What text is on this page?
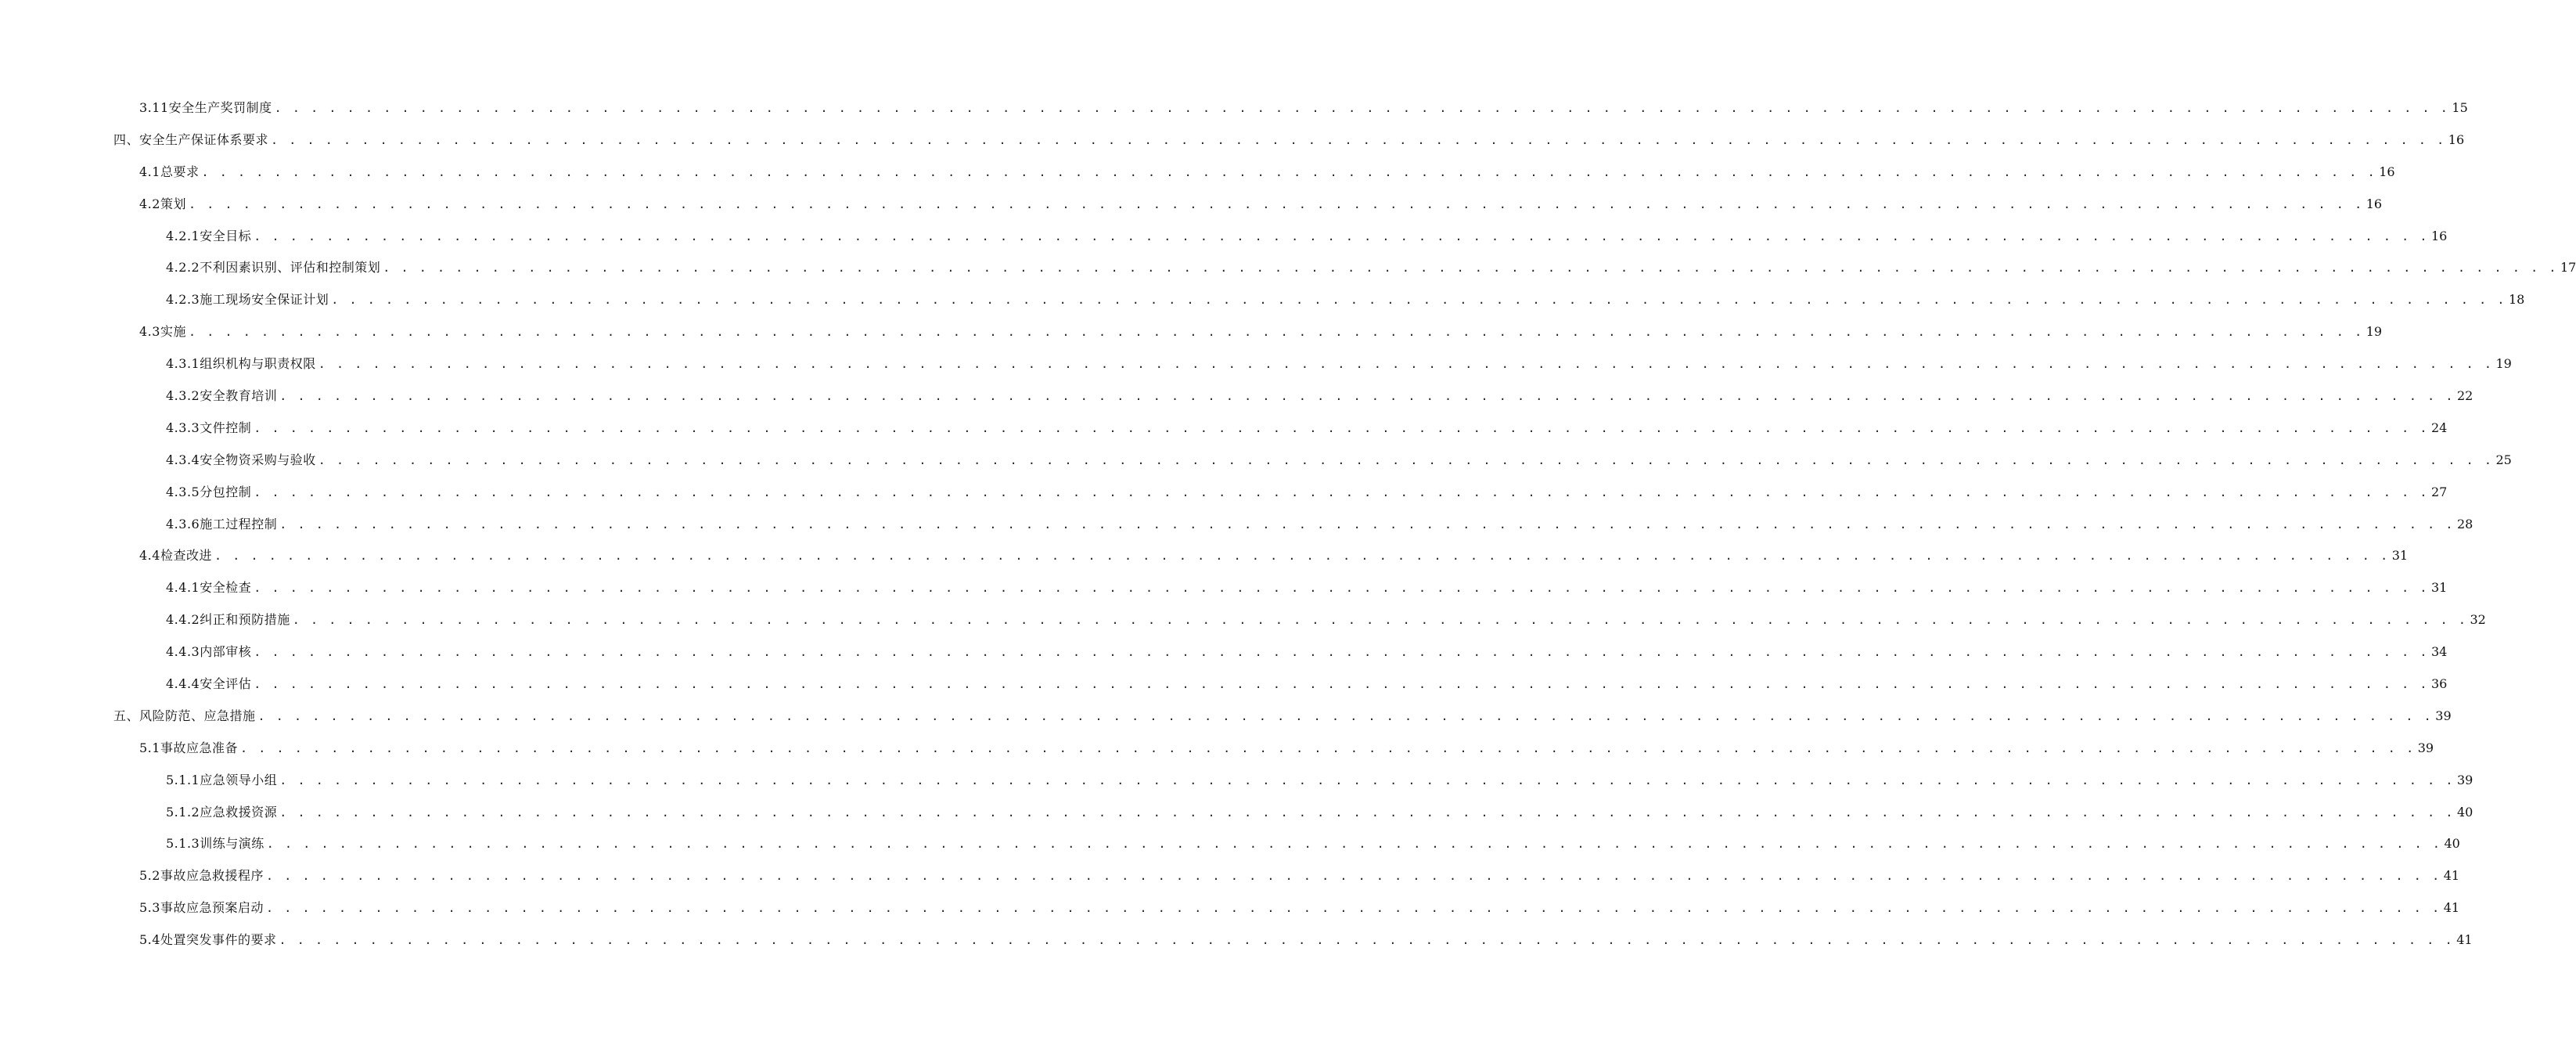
3.11安全生产奖罚制度 . . . . . . . . . . . . . . . . . . . . . . . . . . . . . . . . . . . . . . . . . . . . . . . . . . . . . . . . . . . . . . . . . . . . . . . . . . . . . . . . . . . . . . . . . . . . . . . . . . . . . . . . . . . . . . . . . . . . . . . . 15
四、安全生产保证体系要求 . . . . . . . . . . . . . . . . . . . . . . . . . . . . . . . . . . . . . . . . . . . . . . . . . . . . . . . . . . . . . . . . . . . . . . . . . . . . . . . . . . . . . . . . . . . . . . . . . . . . . . . . . . . . . . . . . . . . . . . . 16
4.1总要求 . . . . . . . . . . . . . . . . . . . . . . . . . . . . . . . . . . . . . . . . . . . . . . . . . . . . . . . . . . . . . . . . . . . . . . . . . . . . . . . . . . . . . . . . . . . . . . . . . . . . . . . . . . . . . . . . . . . . . . . . 16
4.2策划 . . . . . . . . . . . . . . . . . . . . . . . . . . . . . . . . . . . . . . . . . . . . . . . . . . . . . . . . . . . . . . . . . . . . . . . . . . . . . . . . . . . . . . . . . . . . . . . . . . . . . . . . . . . . . . . . . . . . . . . . 16
4.2.1安全目标 . . . . . . . . . . . . . . . . . . . . . . . . . . . . . . . . . . . . . . . . . . . . . . . . . . . . . . . . . . . . . . . . . . . . . . . . . . . . . . . . . . . . . . . . . . . . . . . . . . . . . . . . . . . . . . . . . . . . . . . . 16
4.2.2不利因素识别、评估和控制策划 . . . . . . . . . . . . . . . . . . . . . . . . . . . . . . . . . . . . . . . . . . . . . . . . . . . . . . . . . . . . . . . . . . . . . . . . . . . . . . . . . . . . . . . . . . . . . . . . . . . . . . . . . . . . . . . . . . . . . . . . 17
4.2.3施工现场安全保证计划 . . . . . . . . . . . . . . . . . . . . . . . . . . . . . . . . . . . . . . . . . . . . . . . . . . . . . . . . . . . . . . . . . . . . . . . . . . . . . . . . . . . . . . . . . . . . . . . . . . . . . . . . . . . . . . . . . . . . . . . . 18
4.3实施 . . . . . . . . . . . . . . . . . . . . . . . . . . . . . . . . . . . . . . . . . . . . . . . . . . . . . . . . . . . . . . . . . . . . . . . . . . . . . . . . . . . . . . . . . . . . . . . . . . . . . . . . . . . . . . . . . . . . . . . . 19
4.3.1组织机构与职责权限 . . . . . . . . . . . . . . . . . . . . . . . . . . . . . . . . . . . . . . . . . . . . . . . . . . . . . . . . . . . . . . . . . . . . . . . . . . . . . . . . . . . . . . . . . . . . . . . . . . . . . . . . . . . . . . . . . . . . . . . . 19
4.3.2安全教育培训 . . . . . . . . . . . . . . . . . . . . . . . . . . . . . . . . . . . . . . . . . . . . . . . . . . . . . . . . . . . . . . . . . . . . . . . . . . . . . . . . . . . . . . . . . . . . . . . . . . . . . . . . . . . . . . . . . . . . . . . . 22
4.3.3文件控制 . . . . . . . . . . . . . . . . . . . . . . . . . . . . . . . . . . . . . . . . . . . . . . . . . . . . . . . . . . . . . . . . . . . . . . . . . . . . . . . . . . . . . . . . . . . . . . . . . . . . . . . . . . . . . . . . . . . . . . . . 24
4.3.4安全物资采购与验收 . . . . . . . . . . . . . . . . . . . . . . . . . . . . . . . . . . . . . . . . . . . . . . . . . . . . . . . . . . . . . . . . . . . . . . . . . . . . . . . . . . . . . . . . . . . . . . . . . . . . . . . . . . . . . . . . . . . . . . . . 25
4.3.5分包控制 . . . . . . . . . . . . . . . . . . . . . . . . . . . . . . . . . . . . . . . . . . . . . . . . . . . . . . . . . . . . . . . . . . . . . . . . . . . . . . . . . . . . . . . . . . . . . . . . . . . . . . . . . . . . . . . . . . . . . . . . 27
4.3.6施工过程控制 . . . . . . . . . . . . . . . . . . . . . . . . . . . . . . . . . . . . . . . . . . . . . . . . . . . . . . . . . . . . . . . . . . . . . . . . . . . . . . . . . . . . . . . . . . . . . . . . . . . . . . . . . . . . . . . . . . . . . . . . 28
4.4检查改进 . . . . . . . . . . . . . . . . . . . . . . . . . . . . . . . . . . . . . . . . . . . . . . . . . . . . . . . . . . . . . . . . . . . . . . . . . . . . . . . . . . . . . . . . . . . . . . . . . . . . . . . . . . . . . . . . . . . . . . . . 31
4.4.1安全检查 . . . . . . . . . . . . . . . . . . . . . . . . . . . . . . . . . . . . . . . . . . . . . . . . . . . . . . . . . . . . . . . . . . . . . . . . . . . . . . . . . . . . . . . . . . . . . . . . . . . . . . . . . . . . . . . . . . . . . . . . 31
4.4.2纠正和预防措施 . . . . . . . . . . . . . . . . . . . . . . . . . . . . . . . . . . . . . . . . . . . . . . . . . . . . . . . . . . . . . . . . . . . . . . . . . . . . . . . . . . . . . . . . . . . . . . . . . . . . . . . . . . . . . . . . . . . . . . . . 32
4.4.3内部审核 . . . . . . . . . . . . . . . . . . . . . . . . . . . . . . . . . . . . . . . . . . . . . . . . . . . . . . . . . . . . . . . . . . . . . . . . . . . . . . . . . . . . . . . . . . . . . . . . . . . . . . . . . . . . . . . . . . . . . . . . 34
4.4.4安全评估 . . . . . . . . . . . . . . . . . . . . . . . . . . . . . . . . . . . . . . . . . . . . . . . . . . . . . . . . . . . . . . . . . . . . . . . . . . . . . . . . . . . . . . . . . . . . . . . . . . . . . . . . . . . . . . . . . . . . . . . . 36
五、风险防范、应急措施 . . . . . . . . . . . . . . . . . . . . . . . . . . . . . . . . . . . . . . . . . . . . . . . . . . . . . . . . . . . . . . . . . . . . . . . . . . . . . . . . . . . . . . . . . . . . . . . . . . . . . . . . . . . . . . . . . . . . . . . . 39
5.1事故应急准备 . . . . . . . . . . . . . . . . . . . . . . . . . . . . . . . . . . . . . . . . . . . . . . . . . . . . . . . . . . . . . . . . . . . . . . . . . . . . . . . . . . . . . . . . . . . . . . . . . . . . . . . . . . . . . . . . . . . . . . . . 39
5.1.1应急领导小组 . . . . . . . . . . . . . . . . . . . . . . . . . . . . . . . . . . . . . . . . . . . . . . . . . . . . . . . . . . . . . . . . . . . . . . . . . . . . . . . . . . . . . . . . . . . . . . . . . . . . . . . . . . . . . . . . . . . . . . . . 39
5.1.2应急救援资源 . . . . . . . . . . . . . . . . . . . . . . . . . . . . . . . . . . . . . . . . . . . . . . . . . . . . . . . . . . . . . . . . . . . . . . . . . . . . . . . . . . . . . . . . . . . . . . . . . . . . . . . . . . . . . . . . . . . . . . . . 40
5.1.3训练与演练 . . . . . . . . . . . . . . . . . . . . . . . . . . . . . . . . . . . . . . . . . . . . . . . . . . . . . . . . . . . . . . . . . . . . . . . . . . . . . . . . . . . . . . . . . . . . . . . . . . . . . . . . . . . . . . . . . . . . . . . . 40
5.2事故应急救援程序 . . . . . . . . . . . . . . . . . . . . . . . . . . . . . . . . . . . . . . . . . . . . . . . . . . . . . . . . . . . . . . . . . . . . . . . . . . . . . . . . . . . . . . . . . . . . . . . . . . . . . . . . . . . . . . . . . . . . . . . . 41
5.3事故应急预案启动 . . . . . . . . . . . . . . . . . . . . . . . . . . . . . . . . . . . . . . . . . . . . . . . . . . . . . . . . . . . . . . . . . . . . . . . . . . . . . . . . . . . . . . . . . . . . . . . . . . . . . . . . . . . . . . . . . . . . . . . . 41
5.4处置突发事件的要求 . . . . . . . . . . . . . . . . . . . . . . . . . . . . . . . . . . . . . . . . . . . . . . . . . . . . . . . . . . . . . . . . . . . . . . . . . . . . . . . . . . . . . . . . . . . . . . . . . . . . . . . . . . . . . . . . . . . . . . . . 41
